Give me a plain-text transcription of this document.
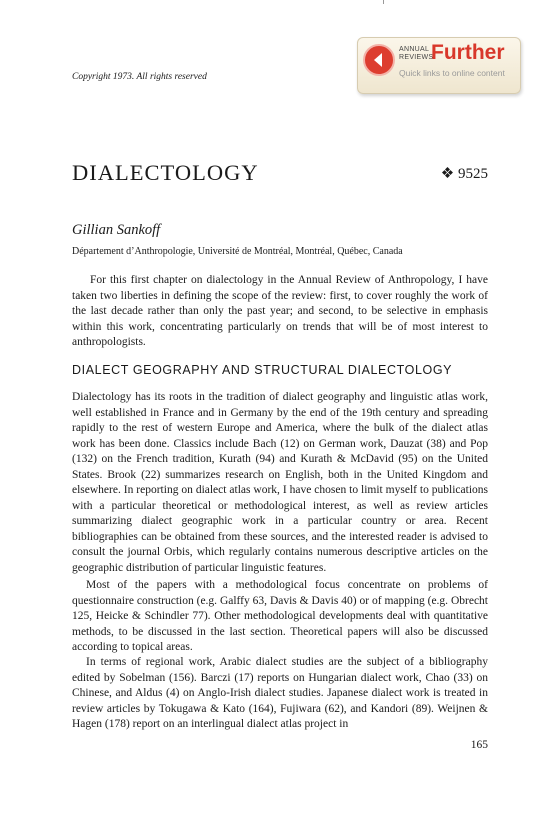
Copyright 1973. All rights reserved

ANNUAL
REVIEWS
Further
Quick links to online content
DIALECTOLOGY	❖ 9525

Gillian Sankoff

Département d’Anthropologie, Université de Montréal, Montréal, Québec, Canada

For this first chapter on dialectology in the Annual Review of Anthropology, I have taken two liberties in defining the scope of the review: first, to cover roughly the work of the last decade rather than only the past year; and second, to be selective in emphasis within this work, concentrating particularly on trends that will be of most interest to anthropologists.

DIALECT GEOGRAPHY AND STRUCTURAL DIALECTOLOGY

Dialectology has its roots in the tradition of dialect geography and linguistic atlas work, well established in France and in Germany by the end of the 19th century and spreading rapidly to the rest of western Europe and America, where the bulk of the dialect atlas work has been done. Classics include Bach (12) on German work, Dauzat (38) and Pop (132) on the French tradition, Kurath (94) and Kurath & McDavid (95) on the United States. Brook (22) summarizes research on English, both in the United Kingdom and elsewhere. In reporting on dialect atlas work, I have chosen to limit myself to publications with a particular theoretical or methodological interest, as well as review articles summarizing dialect geographic work in a particular country or area. Recent bibliographies can be obtained from these sources, and the interested reader is advised to consult the journal Orbis, which regularly contains numerous descriptive articles on the geographic distribution of particular linguistic features.

Most of the papers with a methodological focus concentrate on problems of questionnaire construction (e.g. Galffy 63, Davis & Davis 40) or of mapping (e.g. Obrecht 125, Heicke & Schindler 77). Other methodological developments deal with quantitative methods, to be discussed in the last section. Theoretical papers will also be discussed according to topical areas.

In terms of regional work, Arabic dialect studies are the subject of a bibliography edited by Sobelman (156). Barczi (17) reports on Hungarian dialect work, Chao (33) on Chinese, and Aldus (4) on Anglo-Irish dialect studies. Japanese dialect work is treated in review articles by Tokugawa & Kato (164), Fujiwara (62), and Kandori (89). Weijnen & Hagen (178) report on an interlingual dialect atlas project in

165
